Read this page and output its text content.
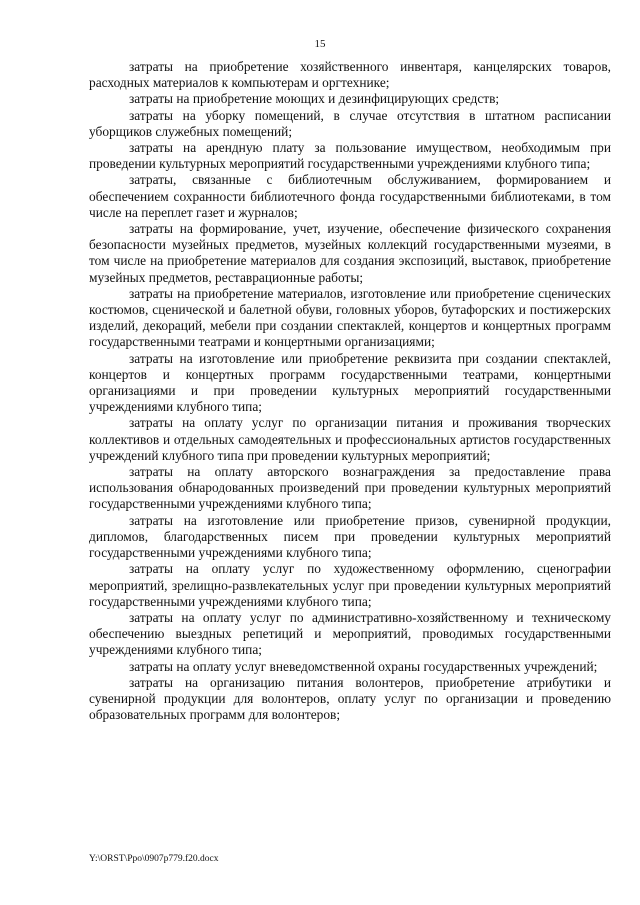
15

затраты на приобретение хозяйственного инвентаря, канцелярских товаров, расходных материалов к компьютерам и оргтехнике;

затраты на приобретение моющих и дезинфицирующих средств;

затраты на уборку помещений, в случае отсутствия в штатном расписании уборщиков служебных помещений;

затраты на арендную плату за пользование имуществом, необходимым при проведении культурных мероприятий государственными учреждениями клубного типа;

затраты, связанные с библиотечным обслуживанием, формированием и обеспечением сохранности библиотечного фонда государственными библиотеками, в том числе на переплет газет и журналов;

затраты на формирование, учет, изучение, обеспечение физического сохранения безопасности музейных предметов, музейных коллекций государственными музеями, в том числе на приобретение материалов для создания экспозиций, выставок, приобретение музейных предметов, реставрационные работы;

затраты на приобретение материалов, изготовление или приобретение сценических костюмов, сценической и балетной обуви, головных уборов, бутафорских и постижерских изделий, декораций, мебели при создании спектаклей, концертов и концертных программ государственными театрами и концертными организациями;

затраты на изготовление или приобретение реквизита при создании спектаклей, концертов и концертных программ государственными театрами, концертными организациями и при проведении культурных мероприятий государственными учреждениями клубного типа;

затраты на оплату услуг по организации питания и проживания творческих коллективов и отдельных самодеятельных и профессиональных артистов государственных учреждений клубного типа при проведении культурных мероприятий;

затраты на оплату авторского вознаграждения за предоставление права использования обнародованных произведений при проведении культурных мероприятий государственными учреждениями клубного типа;

затраты на изготовление или приобретение призов, сувенирной продукции, дипломов, благодарственных писем при проведении культурных мероприятий государственными учреждениями клубного типа;

затраты на оплату услуг по художественному оформлению, сценографии мероприятий, зрелищно-развлекательных услуг при проведении культурных мероприятий государственными учреждениями клубного типа;

затраты на оплату услуг по административно-хозяйственному и техническому обеспечению выездных репетиций и мероприятий, проводимых государственными учреждениями клубного типа;

затраты на оплату услуг вневедомственной охраны государственных учреждений;

затраты на организацию питания волонтеров, приобретение атрибутики и сувенирной продукции для волонтеров, оплату услуг по организации и проведению образовательных программ для волонтеров;

Y:\ORST\Ppo\0907p779.f20.docx
